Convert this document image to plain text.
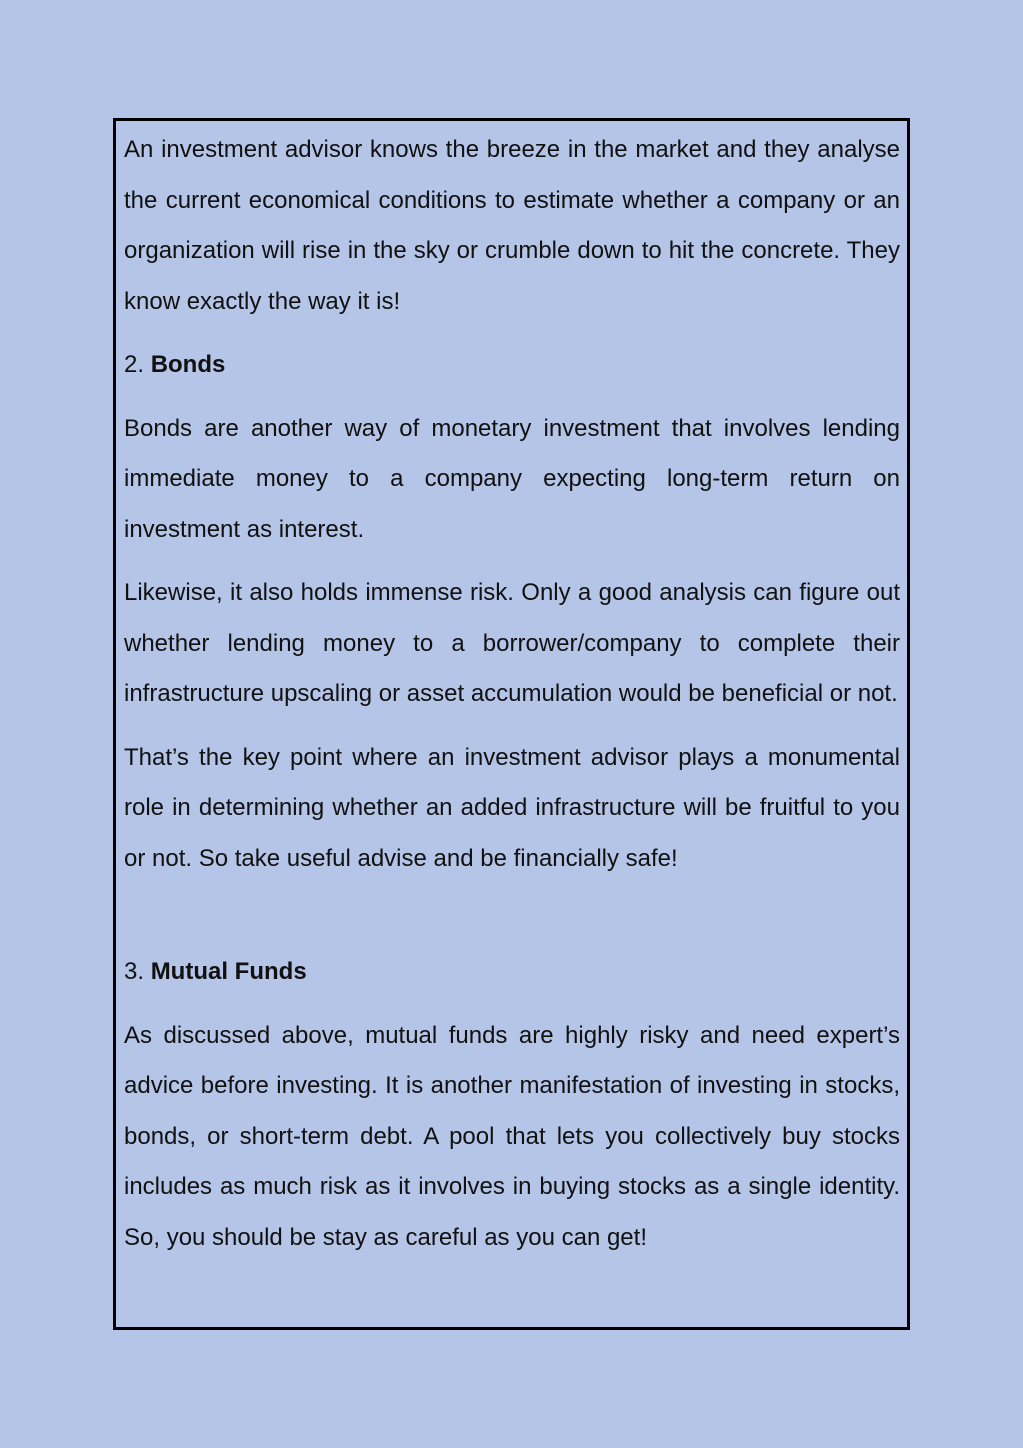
An investment advisor knows the breeze in the market and they analyse the current economical conditions to estimate whether a company or an organization will rise in the sky or crumble down to hit the concrete. They know exactly the way it is!

2. Bonds

Bonds are another way of monetary investment that involves lending immediate money to a company expecting long-term return on investment as interest.

Likewise, it also holds immense risk. Only a good analysis can figure out whether lending money to a borrower/company to complete their infrastructure upscaling or asset accumulation would be beneficial or not.

That’s the key point where an investment advisor plays a monumental role in determining whether an added infrastructure will be fruitful to you or not. So take useful advise and be financially safe!

3. Mutual Funds

As discussed above, mutual funds are highly risky and need expert’s advice before investing. It is another manifestation of investing in stocks, bonds, or short-term debt. A pool that lets you collectively buy stocks includes as much risk as it involves in buying stocks as a single identity. So, you should be stay as careful as you can get!
